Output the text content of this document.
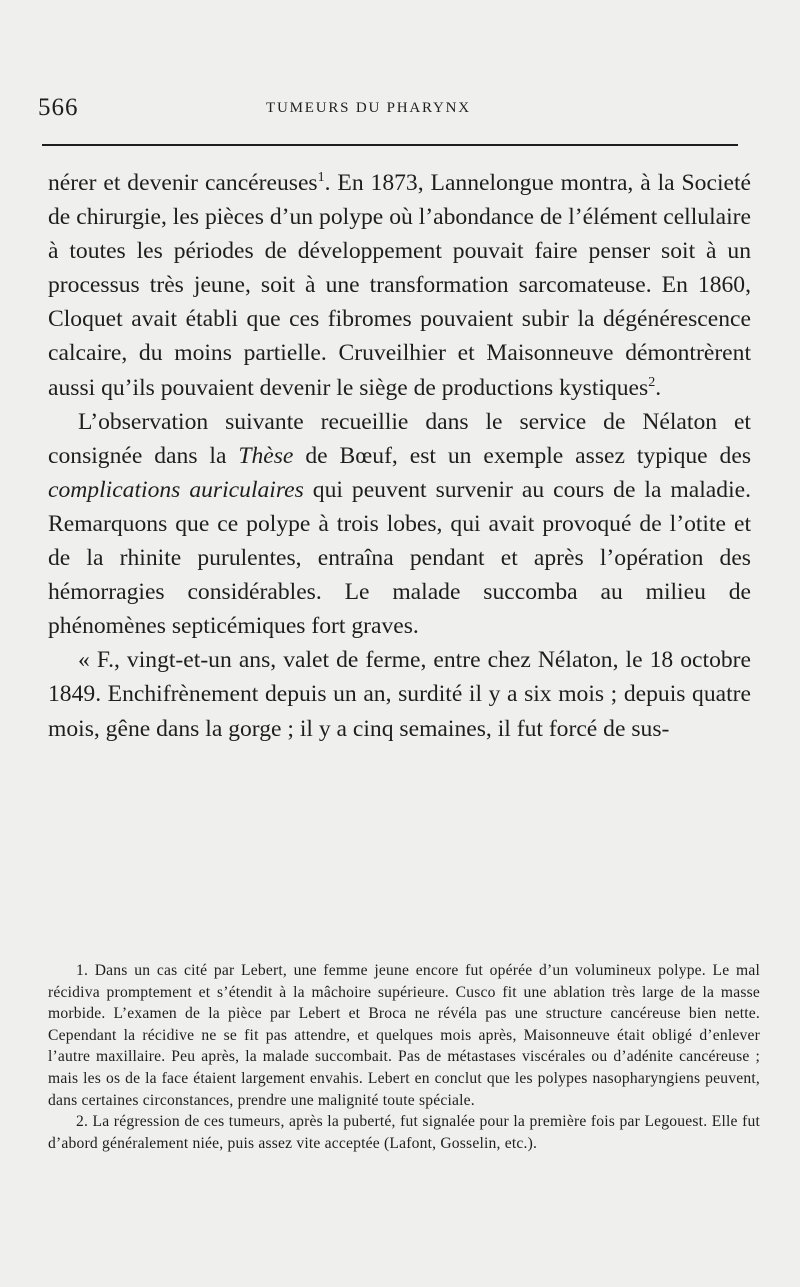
566	TUMEURS DU PHARYNX

nérer et devenir cancéreuses$^1$. En 1873, Lannelongue montra, à la Societé de chirurgie, les pièces d’un polype où l’abondance de l’élément cellulaire à toutes les périodes de développement pouvait faire penser soit à un processus très jeune, soit à une transformation sarcomateuse. En 1860, Cloquet avait établi que ces fibromes pouvaient subir la dégénérescence calcaire, du moins partielle. Cruveilhier et Maisonneuve démontrèrent aussi qu’ils pouvaient devenir le siège de productions kystiques$^2$.

L’observation suivante recueillie dans le service de Nélaton et consignée dans la Thèse de Bœuf, est un exemple assez typique des complications auriculaires qui peuvent survenir au cours de la maladie. Remarquons que ce polype à trois lobes, qui avait provoqué de l’otite et de la rhinite purulentes, entraîna pendant et après l’opération des hémorragies considérables. Le malade succomba au milieu de phénomènes septicémiques fort graves.

« F., vingt-et-un ans, valet de ferme, entre chez Nélaton, le 18 octobre 1849. Enchifrènement depuis un an, surdité il y a six mois ; depuis quatre mois, gêne dans la gorge ; il y a cinq semaines, il fut forcé de sus-

1. Dans un cas cité par Lebert, une femme jeune encore fut opérée d’un volumineux polype. Le mal récidiva promptement et s’étendit à la mâchoire supérieure. Cusco fit une ablation très large de la masse morbide. L’examen de la pièce par Lebert et Broca ne révéla pas une structure cancéreuse bien nette. Cependant la récidive ne se fit pas attendre, et quelques mois après, Maisonneuve était obligé d’enlever l’autre maxillaire. Peu après, la malade succombait. Pas de métastases viscérales ou d’adénite cancéreuse ; mais les os de la face étaient largement envahis. Lebert en conclut que les polypes nasopharyngiens peuvent, dans certaines circonstances, prendre une malignité toute spéciale.

2. La régression de ces tumeurs, après la puberté, fut signalée pour la première fois par Legouest. Elle fut d’abord généralement niée, puis assez vite acceptée (Lafont, Gosselin, etc.).
